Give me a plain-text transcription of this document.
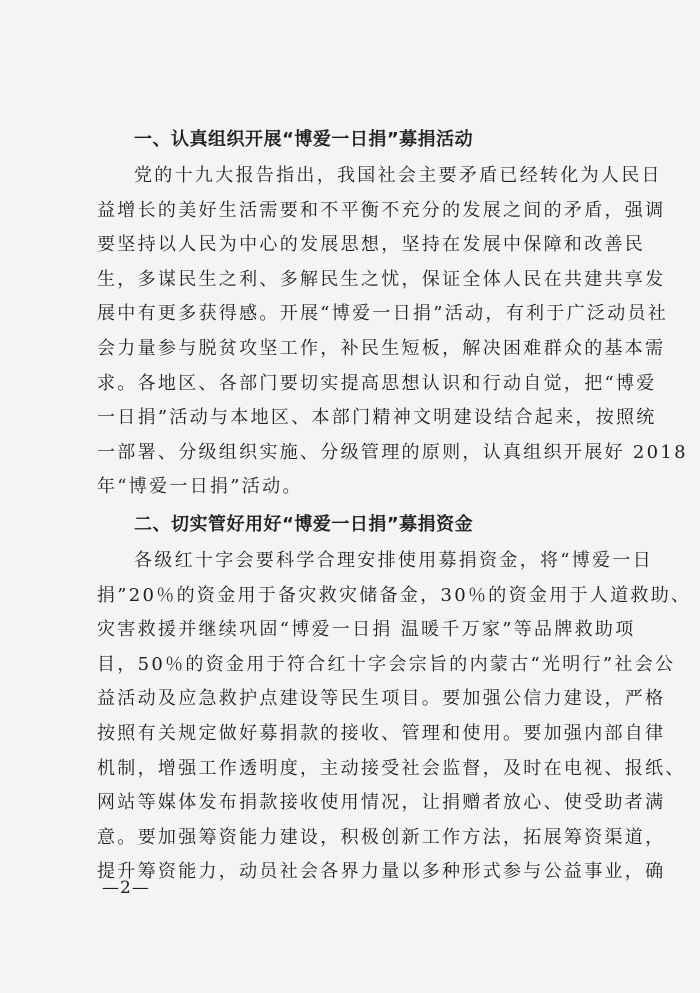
一、认真组织开展“博爱一日捐”募捐活动
党的十九大报告指出，我国社会主要矛盾已经转化为人民日
益增长的美好生活需要和不平衡不充分的发展之间的矛盾，强调
要坚持以人民为中心的发展思想，坚持在发展中保障和改善民
生，多谋民生之利、多解民生之忧，保证全体人民在共建共享发
展中有更多获得感。开展“博爱一日捐”活动，有利于广泛动员社
会力量参与脱贫攻坚工作，补民生短板，解决困难群众的基本需
求。各地区、各部门要切实提高思想认识和行动自觉，把“博爱
一日捐”活动与本地区、本部门精神文明建设结合起来，按照统
一部署、分级组织实施、分级管理的原则，认真组织开展好 2018
年“博爱一日捐”活动。
二、切实管好用好“博爱一日捐”募捐资金
各级红十字会要科学合理安排使用募捐资金，将“博爱一日
捐”20％的资金用于备灾救灾储备金，30％的资金用于人道救助、
灾害救援并继续巩固“博爱一日捐 温暖千万家”等品牌救助项
目，50％的资金用于符合红十字会宗旨的内蒙古“光明行”社会公
益活动及应急救护点建设等民生项目。要加强公信力建设，严格
按照有关规定做好募捐款的接收、管理和使用。要加强内部自律
机制，增强工作透明度，主动接受社会监督，及时在电视、报纸、
网站等媒体发布捐款接收使用情况，让捐赠者放心、使受助者满
意。要加强筹资能力建设，积极创新工作方法，拓展筹资渠道，
提升筹资能力，动员社会各界力量以多种形式参与公益事业，确
—2—
